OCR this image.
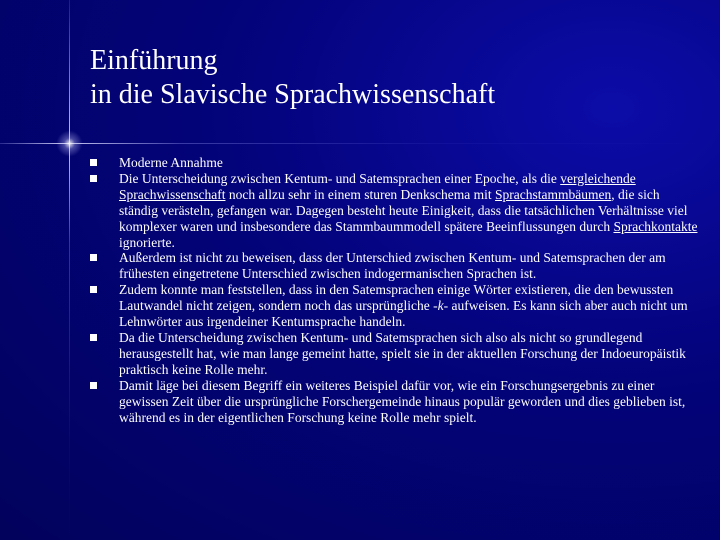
Einführung
in die Slavische Sprachwissenschaft
Moderne Annahme
Die Unterscheidung zwischen Kentum- und Satemsprachen einer Epoche, als die vergleichende Sprachwissenschaft noch allzu sehr in einem sturen Denkschema mit Sprachstammbäumen, die sich ständig verästeln, gefangen war. Dagegen besteht heute Einigkeit, dass die tatsächlichen Verhältnisse viel komplexer waren und insbesondere das Stammbaummodell spätere Beeinflussungen durch Sprachkontakte ignorierte.
Außerdem ist nicht zu beweisen, dass der Unterschied zwischen Kentum- und Satemsprachen der am frühesten eingetretene Unterschied zwischen indogermanischen Sprachen ist.
Zudem konnte man feststellen, dass in den Satemsprachen einige Wörter existieren, die den bewussten Lautwandel nicht zeigen, sondern noch das ursprüngliche -k- aufweisen. Es kann sich aber auch nicht um Lehnwörter aus irgendeiner Kentumsprache handeln.
Da die Unterscheidung zwischen Kentum- und Satemsprachen sich also als nicht so grundlegend herausgestellt hat, wie man lange gemeint hatte, spielt sie in der aktuellen Forschung der Indoeuropäistik praktisch keine Rolle mehr.
Damit läge bei diesem Begriff ein weiteres Beispiel dafür vor, wie ein Forschungsergebnis zu einer gewissen Zeit über die ursprüngliche Forschergemeinde hinaus populär geworden und dies geblieben ist, während es in der eigentlichen Forschung keine Rolle mehr spielt.
